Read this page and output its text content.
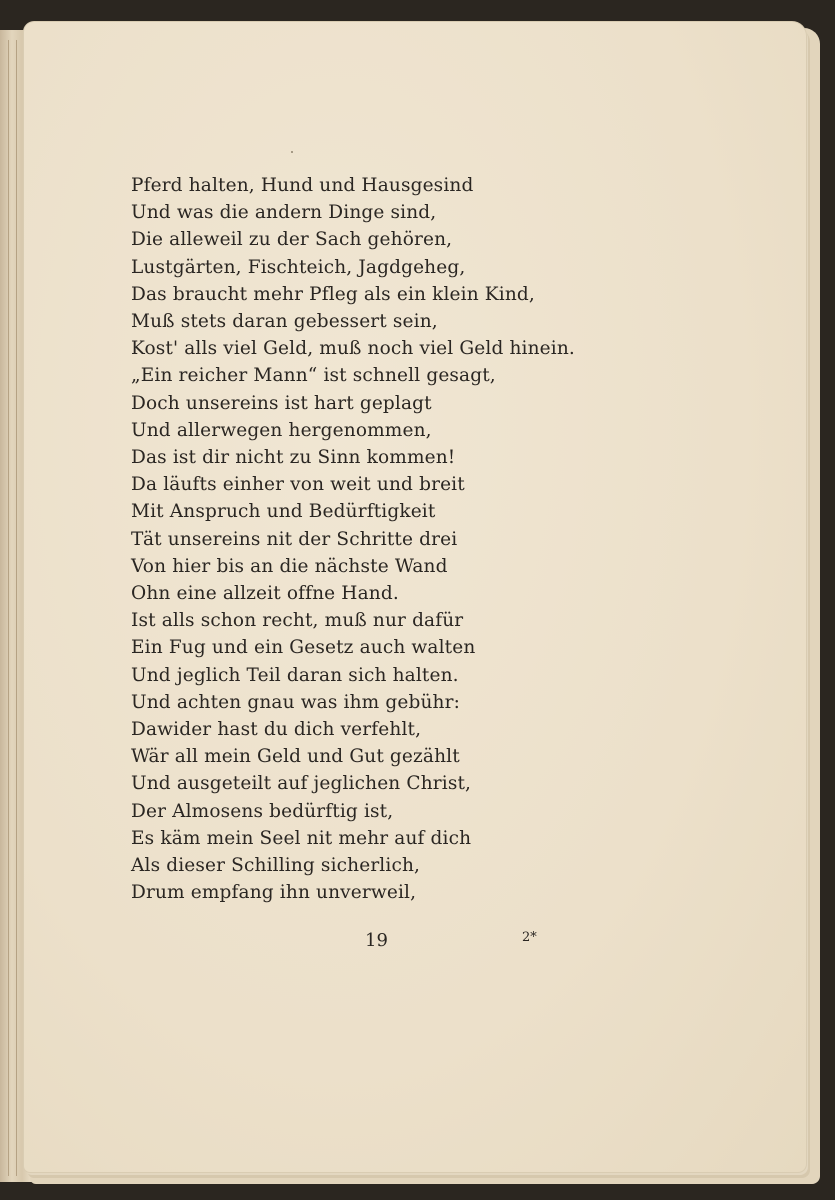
Pferd halten, Hund und Hausgesind
Und was die andern Dinge sind,
Die alleweil zu der Sach gehören,
Lustgärten, Fischteich, Jagdgeheg,
Das braucht mehr Pfleg als ein klein Kind,
Muß stets daran gebessert sein,
Kost' alls viel Geld, muß noch viel Geld hinein.
„Ein reicher Mann“ ist schnell gesagt,
Doch unsereins ist hart geplagt
Und allerwegen hergenommen,
Das ist dir nicht zu Sinn kommen!
Da läufts einher von weit und breit
Mit Anspruch und Bedürftigkeit
Tät unsereins nit der Schritte drei
Von hier bis an die nächste Wand
Ohn eine allzeit offne Hand.
Ist alls schon recht, muß nur dafür
Ein Fug und ein Gesetz auch walten
Und jeglich Teil daran sich halten.
Und achten gnau was ihm gebühr:
Dawider hast du dich verfehlt,
Wär all mein Geld und Gut gezählt
Und ausgeteilt auf jeglichen Christ,
Der Almosens bedürftig ist,
Es käm mein Seel nit mehr auf dich
Als dieser Schilling sicherlich,
Drum empfang ihn unverweil,
19	2*
